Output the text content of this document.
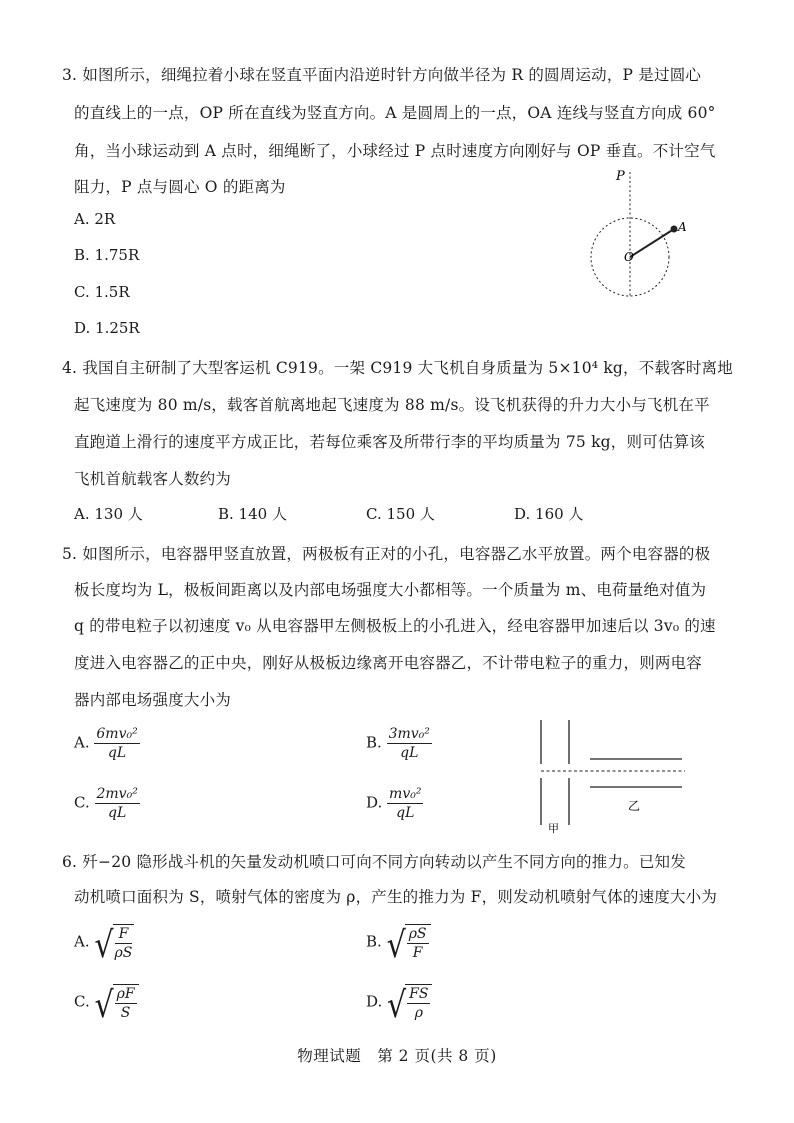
3. 如图所示，细绳拉着小球在竖直平面内沿逆时针方向做半径为 R 的圆周运动，P 是过圆心
的直线上的一点，OP 所在直线为竖直方向。A 是圆周上的一点，OA 连线与竖直方向成 60°
角，当小球运动到 A 点时，细绳断了，小球经过 P 点时速度方向刚好与 OP 垂直。不计空气
阻力，P 点与圆心 O 的距离为
A. 2R
B. 1.75R
C. 1.5R
D. 1.25R
P
O
A
4. 我国自主研制了大型客运机 C919。一架 C919 大飞机自身质量为 5×10⁴ kg，不载客时离地
起飞速度为 80 m/s，载客首航离地起飞速度为 88 m/s。设飞机获得的升力大小与飞机在平
直跑道上滑行的速度平方成正比，若每位乘客及所带行李的平均质量为 75 kg，则可估算该
飞机首航载客人数约为
A. 130 人	B. 140 人	C. 150 人	D. 160 人
5. 如图所示，电容器甲竖直放置，两极板有正对的小孔，电容器乙水平放置。两个电容器的极
板长度均为 L，极板间距离以及内部电场强度大小都相等。一个质量为 m、电荷量绝对值为
q 的带电粒子以初速度 v₀ 从电容器甲左侧极板上的小孔进入，经电容器甲加速后以 3v₀ 的速
度进入电容器乙的正中央，刚好从极板边缘离开电容器乙，不计带电粒子的重力，则两电容
器内部电场强度大小为
A. $\frac{\text{6mv₀²}}{qL}$	B. $\frac{\text{3mv₀²}}{qL}$
C. $\frac{\text{2mv₀²}}{qL}$	D. $\frac{\text{mv₀²}}{qL}$	乙
甲
6. 歼−20 隐形战斗机的矢量发动机喷口可向不同方向转动以产生不同方向的推力。已知发
动机喷口面积为 S，喷射气体的密度为 ρ，产生的推力为 F，则发动机喷射气体的速度大小为
A. √ $\frac{F}{\rho S}$	B. √ $\frac{\rho S}{F}$
C. √ $\frac{\rho F}{S}$	D. √ $\frac{FS}{\rho}$
物理试题　第 2 页(共 8 页)
